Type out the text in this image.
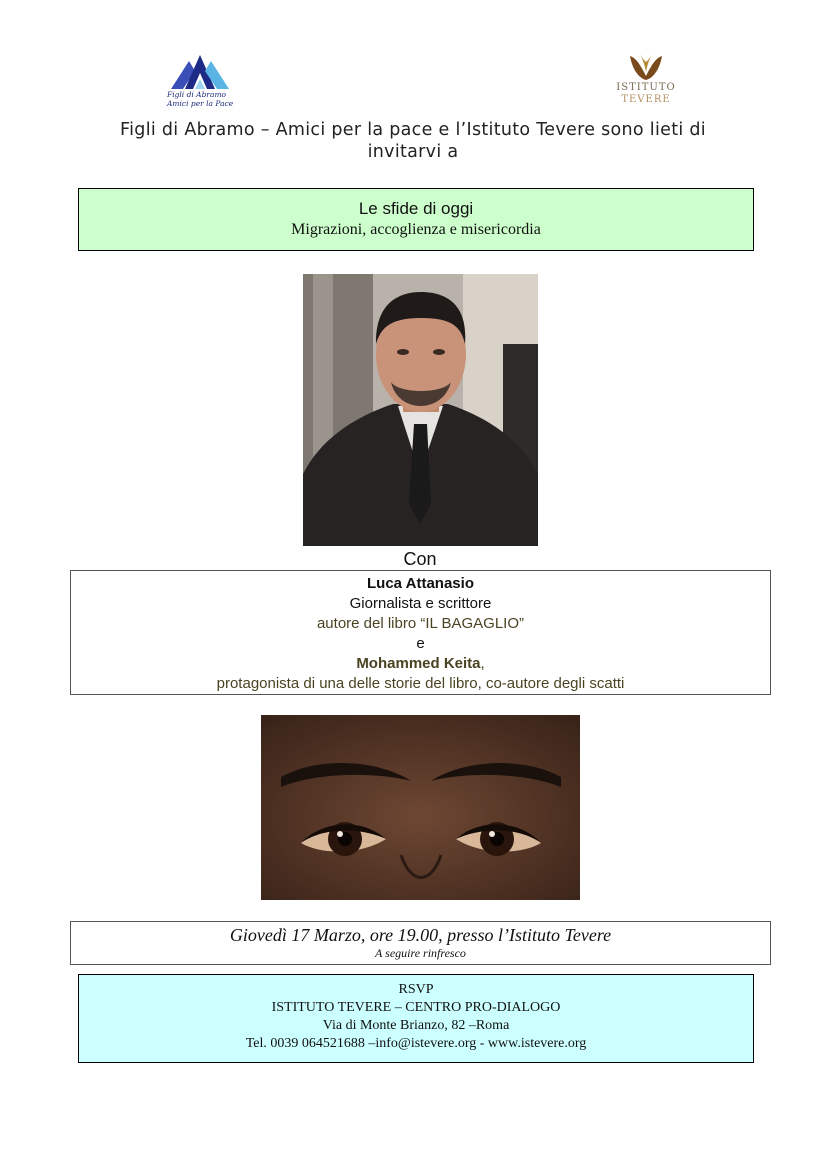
Figli di Abramo
Amici per la Pace
ISTITUTO
TEVERE
Figli di Abramo – Amici per la pace e l’Istituto Tevere sono lieti di invitarvi a
Le sfide di oggi
Migrazioni, accoglienza e misericordia
Con
Luca Attanasio
Giornalista e scrittore
autore del libro “IL BAGAGLIO”
e
Mohammed Keita,
protagonista di una delle storie del libro, co-autore degli scatti
Giovedì 17 Marzo, ore 19.00, presso l’Istituto Tevere
A seguire rinfresco
RSVP
ISTITUTO TEVERE – CENTRO PRO-DIALOGO
Via di Monte Brianzo, 82 –Roma
Tel. 0039 064521688 –info@istevere.org - www.istevere.org
